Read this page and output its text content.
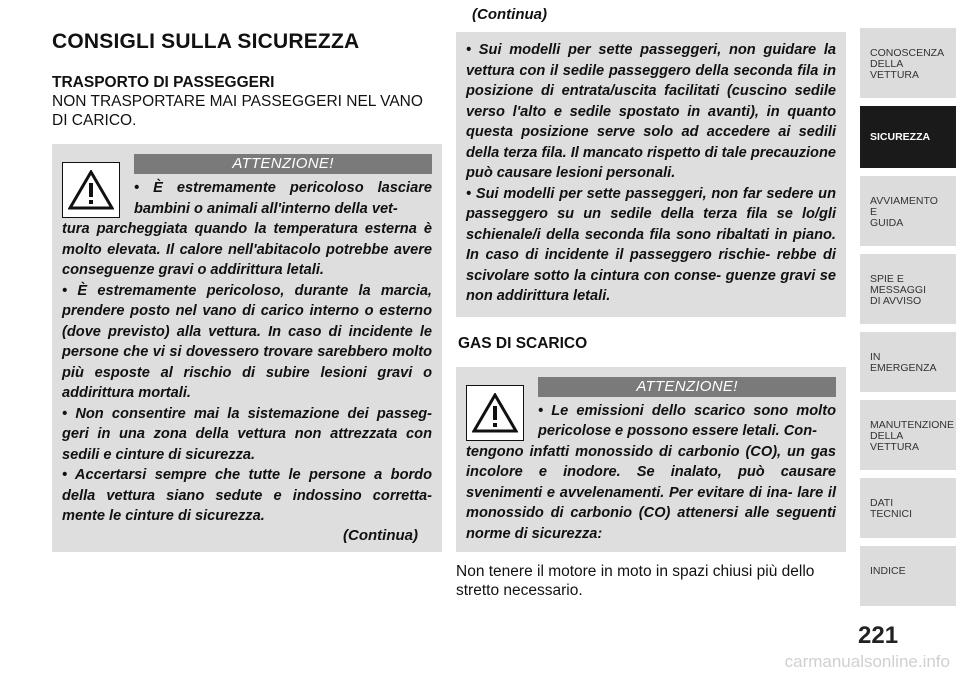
CONSIGLI SULLA SICUREZZA
TRASPORTO DI PASSEGGERI
NON TRASPORTARE MAI PASSEGGERI NEL VANO
DI CARICO.
ATTENZIONE!
• È estremamente pericoloso lasciare bambini o animali all'interno della vet-
tura parcheggiata quando la temperatura esterna è molto elevata. Il calore nell'abitacolo potrebbe avere conseguenze gravi o addirittura letali.
• È estremamente pericoloso, durante la marcia, prendere posto nel vano di carico interno o esterno (dove previsto) alla vettura. In caso di incidente le persone che vi si dovessero trovare sarebbero molto più esposte al rischio di subire lesioni gravi o addirittura mortali.
• Non consentire mai la sistemazione dei passeg- geri in una zona della vettura non attrezzata con sedili e cinture di sicurezza.
• Accertarsi sempre che tutte le persone a bordo della vettura siano sedute e indossino corretta- mente le cinture di sicurezza.
(Continua)
(Continua)
• Sui modelli per sette passeggeri, non guidare la vettura con il sedile passeggero della seconda fila in posizione di entrata/uscita facilitati (cuscino sedile verso l'alto e sedile spostato in avanti), in quanto questa posizione serve solo ad accedere ai sedili della terza fila. Il mancato rispetto di tale precauzione può causare lesioni personali.
• Sui modelli per sette passeggeri, non far sedere un passeggero su un sedile della terza fila se lo/gli schienale/i della seconda fila sono ribaltati in piano. In caso di incidente il passeggero rischie- rebbe di scivolare sotto la cintura con conse- guenze gravi se non addirittura letali.
GAS DI SCARICO
ATTENZIONE!
• Le emissioni dello scarico sono molto pericolose e possono essere letali. Con-
tengono infatti monossido di carbonio (CO), un gas incolore e inodore. Se inalato, può causare svenimenti e avvelenamenti. Per evitare di ina- lare il monossido di carbonio (CO) attenersi alle seguenti norme di sicurezza:
Non tenere il motore in moto in spazi chiusi più dello stretto necessario.
CONOSCENZA
DELLA
VETTURA
SICUREZZA
AVVIAMENTO
E
GUIDA
SPIE E
MESSAGGI
DI AVVISO
IN
EMERGENZA
MANUTENZIONE
DELLA
VETTURA
DATI
TECNICI
INDICE
221
carmanualsonline.info
